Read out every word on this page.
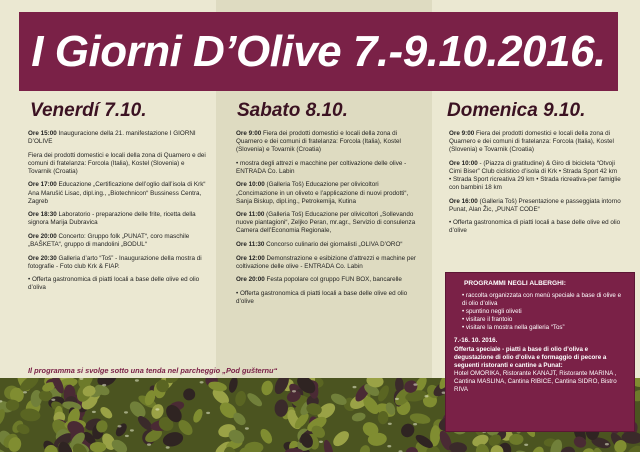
I Giorni D’Olive 7.-9.10.2016.
Venerdí 7.10.	Sabato 8.10.	Domenica 9.10.
Ore 15:00 Inauguracione della 21. manifestazione I GIORNI D’OLIVE
Fiera dei prodotti domestici e locali della zona di Quarnero e dei comuni di fratelanza: Forcola (Italia), Kostel (Slovenia) e Tovarnik (Croatia)
Ore 17:00 Educazione „Certificazione dell’oglio dall’isola di Krk“ Ana Marušić Lisac, dipl.ing., „Biotechnicon“ Bussiness Centra, Zagreb
Ore 18:30 Laboratorio - preparazione delle frite, ricetta della signora Marija Dubravica
Ore 20:00 Concerto: Gruppo folk „PUNAT“, coro maschile „BAŠKETA“, gruppo di mandolini „BODUL“
Ore 20:30 Galleria d’arto “Toš” - Inaugurazione della mostra di fotografie - Foto club Krk & FIAP.
• Offerta gastronomica di piatti locali a base delle olive ed olio d’oliva
Ore 9:00 Fiera dei prodotti domestici e locali della zona di Quarnero e dei comuni di fratelanza: Forcola (Italia), Kostel (Slovenia) e Tovarnik (Croatia)
• mostra degli attrezi e macchine per coltivazione delle olive - ENTRADA Co. Labin
Ore 10:00 (Galleria Toš) Educazione per olivicoltori „Concimazione in un oliveto e l’applicazione di nuovi prodotti“, Sanja Biskup, dipl.ing., Petrokemija, Kutina
Ore 11:00 (Galleria Toš) Educazione per olivicoltori „Sollevando nuove piantagioni“, Zeljko Peran, mr.agr., Servizio di consulenza Camera dell’Economia Regionale,
Ore 11:30 Concorso culinario dei giornalisti „OLIVA D’ORO“
Ore 12:00 Demonstrazione e esibizione d’attrezzi e machine per coltivazione delle olive - ENTRADA Co. Labin
Ore 20:00 Festa popolare col gruppo FUN BOX, bancarelle
• Offerta gastronomica di piatti locali a base delle olive ed olio d’olive
Ore 9:00 Fiera dei prodotti domestici e locali della zona di Quarnero e dei comuni di fratelanza: Forcola (Italia), Kostel (Slovenia) e Tovarnik (Croatia)
Ore 10:00 - (Piazza di gratitudine) & Giro di bicicleta “Otvoji Cimi Biser” Club ciclistico d’isola di Krk • Strada Sport 42 km • Strada Sport ricreativa 29 km • Strada ricreativa-per famiglie con bambini 18 km
Ore 16:00 (Galleria Toš) Presentazione e passeggiata intorno Punat, Alan Žic, „PUNAT CODE“
• Offerta gastronomica di piatti locali a base delle olive ed olio d’olive
Il programma si svolge sotto una tenda nel parcheggio „Pod gušternu“
PROGRAMMI NEGLI ALBERGHI:
• raccolta organizzata con menù speciale a base di olive e di olio d’oliva
• spuntino negli oliveti
• visitare il frantoio
• visitare la mostra nella galleria “Tos”
7.-16. 10. 2016.
Offerta speciale - piatti a base di olio d’oliva e degustazione di olio d’oliva e formaggio di pecore a seguenti ristoranti e cantine a Punat:
Hotel OMORIKA, Ristorante KANAJT, Ristorante MARINA , Cantina MASLINA, Cantina RIBICE, Cantina SIDRO, Bistro RIVA
